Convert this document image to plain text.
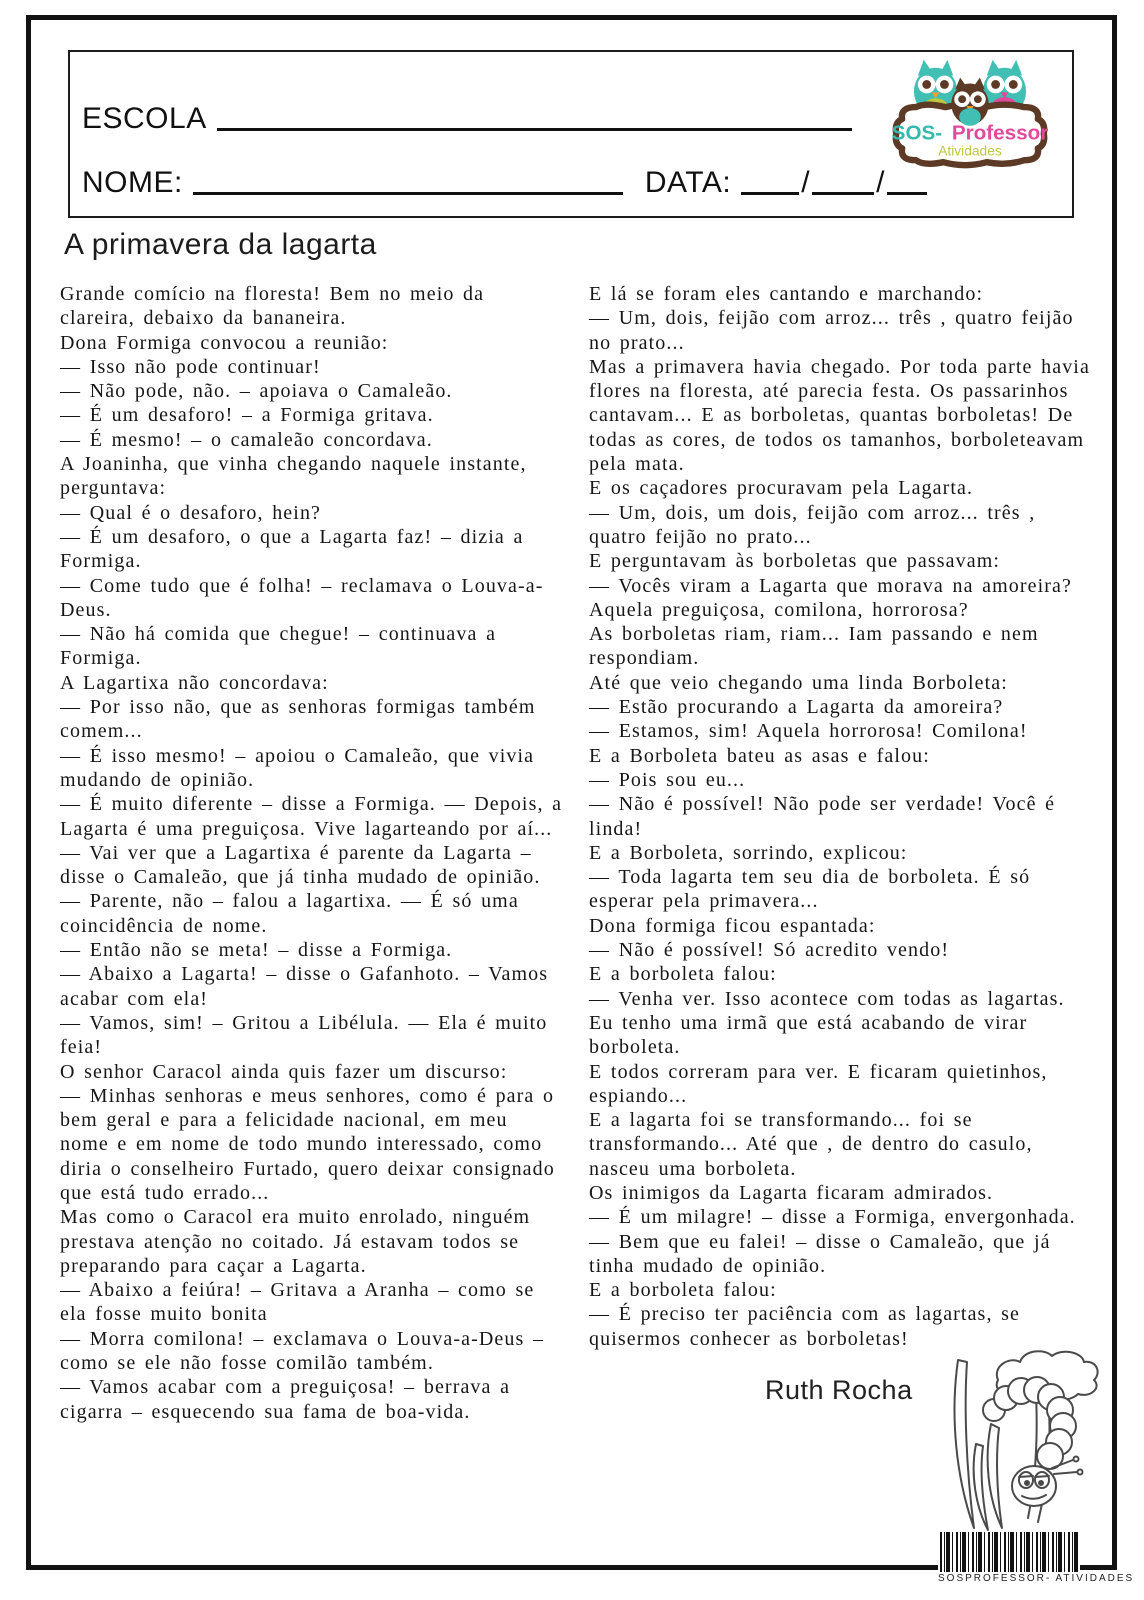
ESCOLA
NOME:	DATA: / /
SOS- Professor
Atividades
A primavera da lagarta

Grande comício na floresta! Bem no meio da clareira, debaixo da bananeira.

Dona Formiga convocou a reunião:

— Isso não pode continuar!

— Não pode, não. – apoiava o Camaleão.

— É um desaforo! – a Formiga gritava.

— É mesmo! – o camaleão concordava.

A Joaninha, que vinha chegando naquele instante, perguntava:

— Qual é o desaforo, hein?

— É um desaforo, o que a Lagarta faz! – dizia a Formiga.

— Come tudo que é folha! – reclamava o Louva-a-Deus.

— Não há comida que chegue! – continuava a Formiga.

A Lagartixa não concordava:

— Por isso não, que as senhoras formigas também comem...

— É isso mesmo! – apoiou o Camaleão, que vivia mudando de opinião.

— É muito diferente – disse a Formiga. — Depois, a Lagarta é uma preguiçosa. Vive lagarteando por aí...

— Vai ver que a Lagartixa é parente da Lagarta – disse o Camaleão, que já tinha mudado de opinião.

— Parente, não – falou a lagartixa. — É só uma coincidência de nome.

— Então não se meta! – disse a Formiga.

— Abaixo a Lagarta! – disse o Gafanhoto. – Vamos acabar com ela!

— Vamos, sim! – Gritou a Libélula. — Ela é muito feia!

O senhor Caracol ainda quis fazer um discurso:

— Minhas senhoras e meus senhores, como é para o bem geral e para a felicidade nacional, em meu nome e em nome de todo mundo interessado, como diria o conselheiro Furtado, quero deixar consignado que está tudo errado...

Mas como o Caracol era muito enrolado, ninguém prestava atenção no coitado. Já estavam todos se preparando para caçar a Lagarta.

— Abaixo a feiúra! – Gritava a Aranha – como se ela fosse muito bonita

— Morra comilona! – exclamava o Louva-a-Deus – como se ele não fosse comilão também.

— Vamos acabar com a preguiçosa! – berrava a cigarra – esquecendo sua fama de boa-vida.

E lá se foram eles cantando e marchando:

— Um, dois, feijão com arroz... três , quatro feijão no prato...

Mas a primavera havia chegado. Por toda parte havia flores na floresta, até parecia festa. Os passarinhos cantavam... E as borboletas, quantas borboletas! De todas as cores, de todos os tamanhos, borboleteavam pela mata.

E os caçadores procuravam pela Lagarta.

— Um, dois, um dois, feijão com arroz... três , quatro feijão no prato...

E perguntavam às borboletas que passavam:

— Vocês viram a Lagarta que morava na amoreira? Aquela preguiçosa, comilona, horrorosa?

As borboletas riam, riam... Iam passando e nem respondiam.

Até que veio chegando uma linda Borboleta:

— Estão procurando a Lagarta da amoreira?

— Estamos, sim! Aquela horrorosa! Comilona!

E a Borboleta bateu as asas e falou:

— Pois sou eu...

— Não é possível! Não pode ser verdade! Você é linda!

E a Borboleta, sorrindo, explicou:

— Toda lagarta tem seu dia de borboleta. É só esperar pela primavera...

Dona formiga ficou espantada:

— Não é possível! Só acredito vendo!

E a borboleta falou:

— Venha ver. Isso acontece com todas as lagartas. Eu tenho uma irmã que está acabando de virar borboleta.

E todos correram para ver. E ficaram quietinhos, espiando...

E a lagarta foi se transformando... foi se transformando... Até que , de dentro do casulo, nasceu uma borboleta.

Os inimigos da Lagarta ficaram admirados.

— É um milagre! – disse a Formiga, envergonhada.

— Bem que eu falei! – disse o Camaleão, que já tinha mudado de opinião.

E a borboleta falou:

— É preciso ter paciência com as lagartas, se quisermos conhecer as borboletas!

Ruth Rocha
SOSPROFESSOR- ATIVIDADES
